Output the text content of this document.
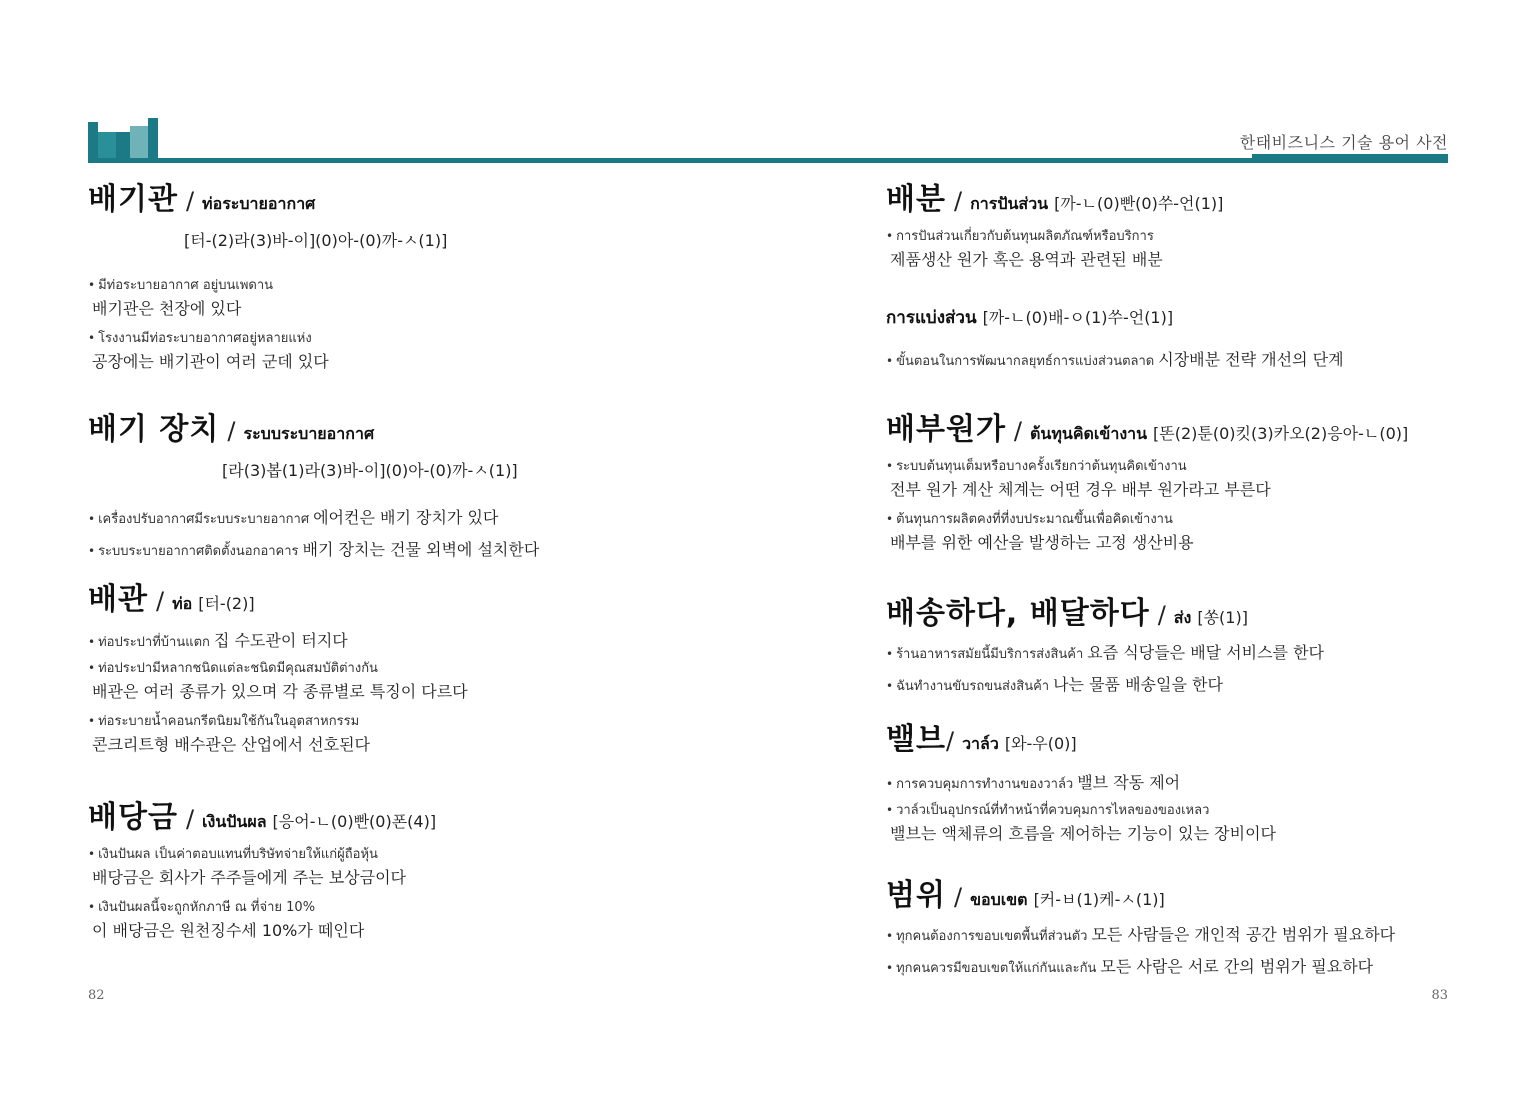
한태비즈니스 기술 용어 사전
배기관 / ท่อระบายอากาศ
[터-(2)라(3)바-이](0)아-(0)까-ㅅ(1)]
• มีท่อระบายอากาศ อยู่บนเพดาน
배기관은 천장에 있다
• โรงงานมีท่อระบายอากาศอยู่หลายแห่ง
공장에는 배기관이 여러 군데 있다
배기 장치 / ระบบระบายอากาศ
[라(3)봅(1)라(3)바-이](0)아-(0)까-ㅅ(1)]
• เครื่องปรับอากาศมีระบบระบายอากาศ 에어컨은 배기 장치가 있다
• ระบบระบายอากาศติดตั้งนอกอาคาร 배기 장치는 건물 외벽에 설치한다
배관 / ท่อ [터-(2)]
• ท่อประปาที่บ้านแตก 집 수도관이 터지다
• ท่อประปามีหลากชนิดแต่ละชนิดมีคุณสมบัติต่างกัน
배관은 여러 종류가 있으며 각 종류별로 특징이 다르다
• ท่อระบายน้ำคอนกรีตนิยมใช้กันในอุตสาหกรรม
콘크리트형 배수관은 산업에서 선호된다
배당금 / เงินปันผล [응어-ㄴ(0)빤(0)폰(4)]
• เงินปันผล เป็นค่าตอบแทนที่บริษัทจ่ายให้แก่ผู้ถือหุ้น
배당금은 회사가 주주들에게 주는 보상금이다
• เงินปันผลนี้จะถูกหักภาษี ณ ที่จ่าย 10%
이 배당금은 원천징수세 10%가 떼인다
배분 / การปันส่วน [까-ㄴ(0)빤(0)쑤-언(1)]
• การปันส่วนเกี่ยวกับต้นทุนผลิตภัณฑ์หรือบริการ
제품생산 원가 혹은 용역과 관련된 배분
การแบ่งส่วน [까-ㄴ(0)배-ㅇ(1)쑤-언(1)]
• ขั้นตอนในการพัฒนากลยุทธ์การแบ่งส่วนตลาด 시장배분 전략 개선의 단계
배부원가 / ต้นทุนคิดเข้างาน [똔(2)툰(0)킷(3)카오(2)응아-ㄴ(0)]
• ระบบต้นทุนเต็มหรือบางครั้งเรียกว่าต้นทุนคิดเข้างาน
전부 원가 계산 체계는 어떤 경우 배부 원가라고 부른다
• ต้นทุนการผลิตคงที่ที่งบประมาณขึ้นเพื่อคิดเข้างาน
배부를 위한 예산을 발생하는 고정 생산비용
배송하다, 배달하다 / ส่ง [쏭(1)]
• ร้านอาหารสมัยนี้มีบริการส่งสินค้า 요즘 식당들은 배달 서비스를 한다
• ฉันทำงานขับรถขนส่งสินค้า 나는 물품 배송일을 한다
밸브 / วาล์ว [와-우(0)]
• การควบคุมการทำงานของวาล์ว 밸브 작동 제어
• วาล์วเป็นอุปกรณ์ที่ทำหน้าที่ควบคุมการไหลของของเหลว
밸브는 액체류의 흐름을 제어하는 기능이 있는 장비이다
범위 / ขอบเขต [커-ㅂ(1)케-ㅅ(1)]
• ทุกคนต้องการขอบเขตพื้นที่ส่วนตัว 모든 사람들은 개인적 공간 범위가 필요하다
• ทุกคนควรมีขอบเขตให้แก่กันและกัน 모든 사람은 서로 간의 범위가 필요하다
82	83
